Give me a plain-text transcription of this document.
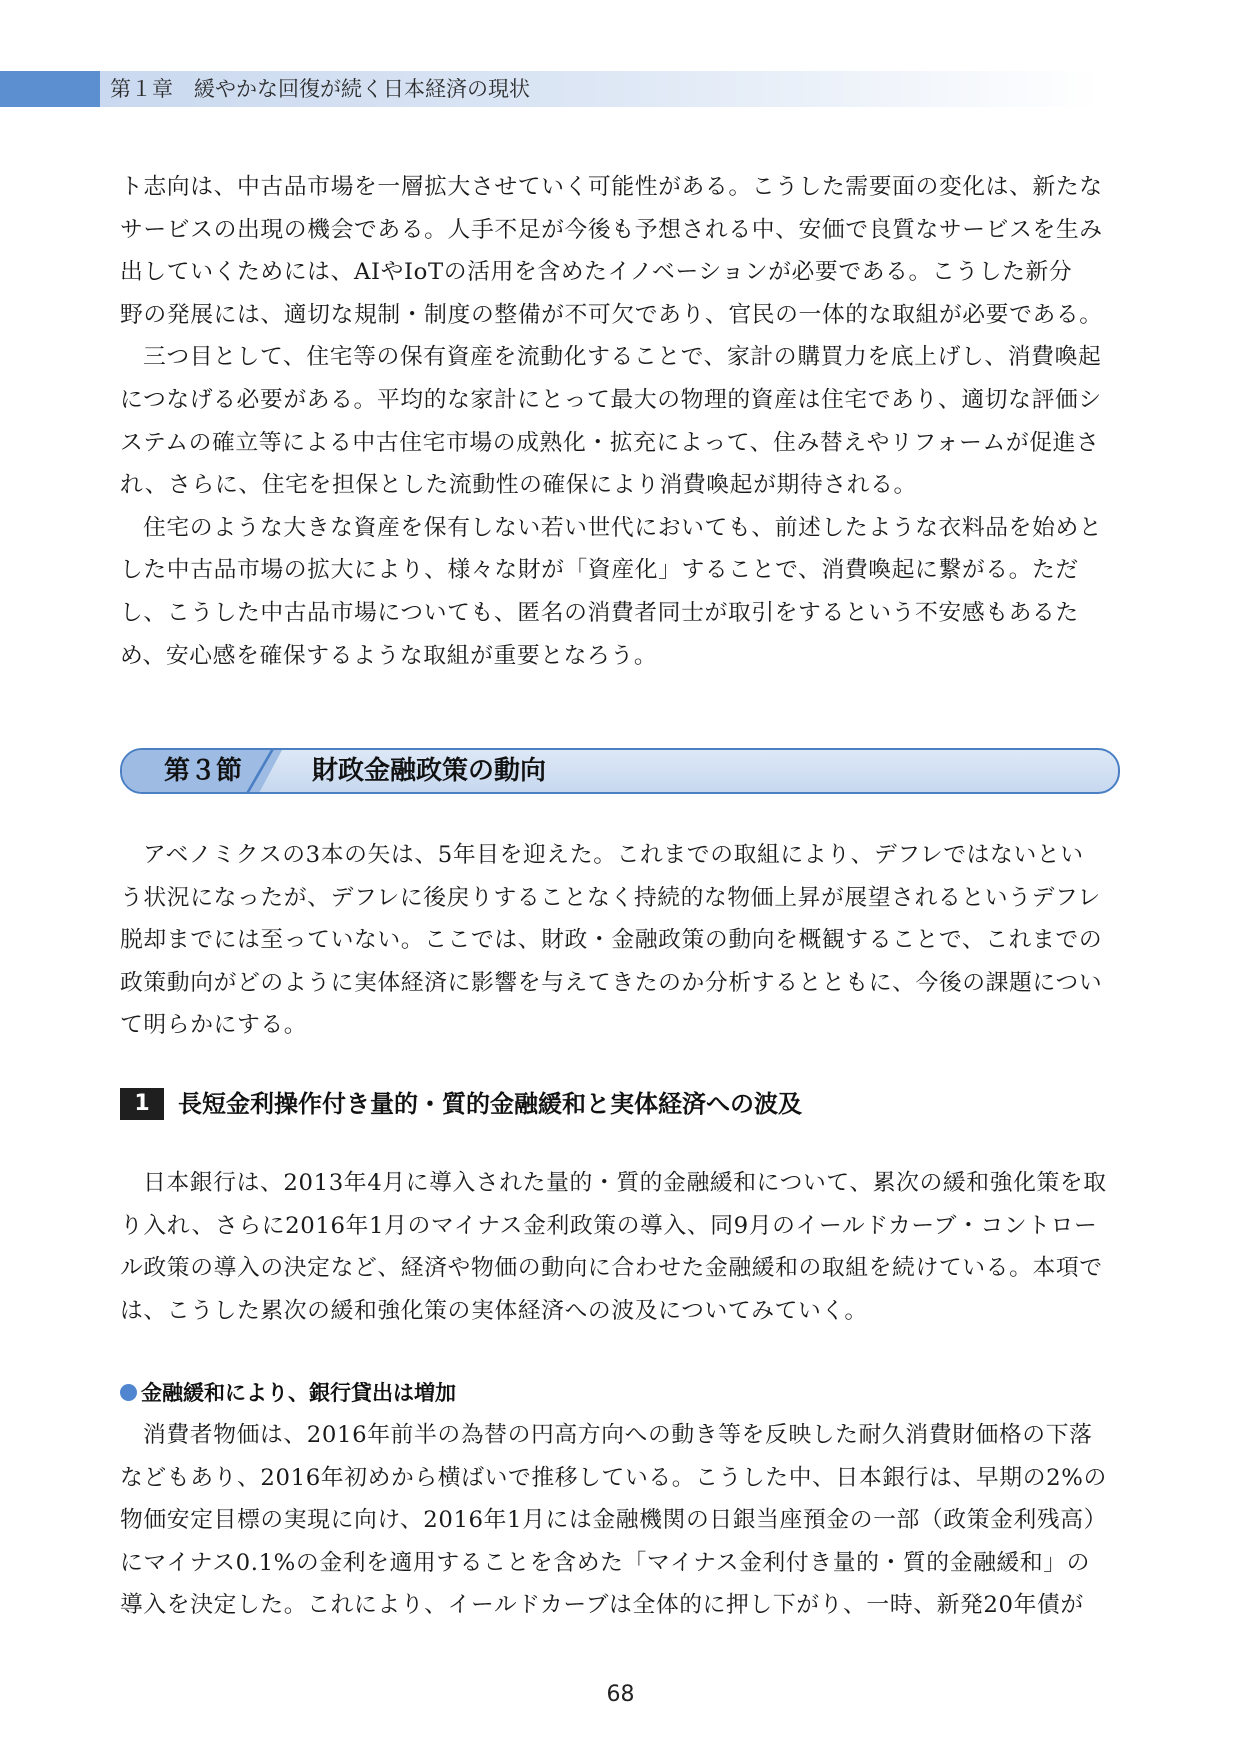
第１章　緩やかな回復が続く日本経済の現状
ト志向は、中古品市場を一層拡大させていく可能性がある。こうした需要面の変化は、新たな
サービスの出現の機会である。人手不足が今後も予想される中、安価で良質なサービスを生み
出していくためには、AIやIoTの活用を含めたイノベーションが必要である。こうした新分
野の発展には、適切な規制・制度の整備が不可欠であり、官民の一体的な取組が必要である。
三つ目として、住宅等の保有資産を流動化することで、家計の購買力を底上げし、消費喚起
につなげる必要がある。平均的な家計にとって最大の物理的資産は住宅であり、適切な評価シ
ステムの確立等による中古住宅市場の成熟化・拡充によって、住み替えやリフォームが促進さ
れ、さらに、住宅を担保とした流動性の確保により消費喚起が期待される。
住宅のような大きな資産を保有しない若い世代においても、前述したような衣料品を始めと
した中古品市場の拡大により、様々な財が「資産化」することで、消費喚起に繋がる。ただ
し、こうした中古品市場についても、匿名の消費者同士が取引をするという不安感もあるた
め、安心感を確保するような取組が重要となろう。
第３節	財政金融政策の動向
アベノミクスの3本の矢は、5年目を迎えた。これまでの取組により、デフレではないとい
う状況になったが、デフレに後戻りすることなく持続的な物価上昇が展望されるというデフレ
脱却までには至っていない。ここでは、財政・金融政策の動向を概観することで、これまでの
政策動向がどのように実体経済に影響を与えてきたのか分析するとともに、今後の課題につい
て明らかにする。
1	長短金利操作付き量的・質的金融緩和と実体経済への波及
日本銀行は、2013年4月に導入された量的・質的金融緩和について、累次の緩和強化策を取
り入れ、さらに2016年1月のマイナス金利政策の導入、同9月のイールドカーブ・コントロー
ル政策の導入の決定など、経済や物価の動向に合わせた金融緩和の取組を続けている。本項で
は、こうした累次の緩和強化策の実体経済への波及についてみていく。
金融緩和により、銀行貸出は増加
消費者物価は、2016年前半の為替の円高方向への動き等を反映した耐久消費財価格の下落
などもあり、2016年初めから横ばいで推移している。こうした中、日本銀行は、早期の2%の
物価安定目標の実現に向け、2016年1月には金融機関の日銀当座預金の一部（政策金利残高）
にマイナス0.1%の金利を適用することを含めた「マイナス金利付き量的・質的金融緩和」の
導入を決定した。これにより、イールドカーブは全体的に押し下がり、一時、新発20年債が
68
